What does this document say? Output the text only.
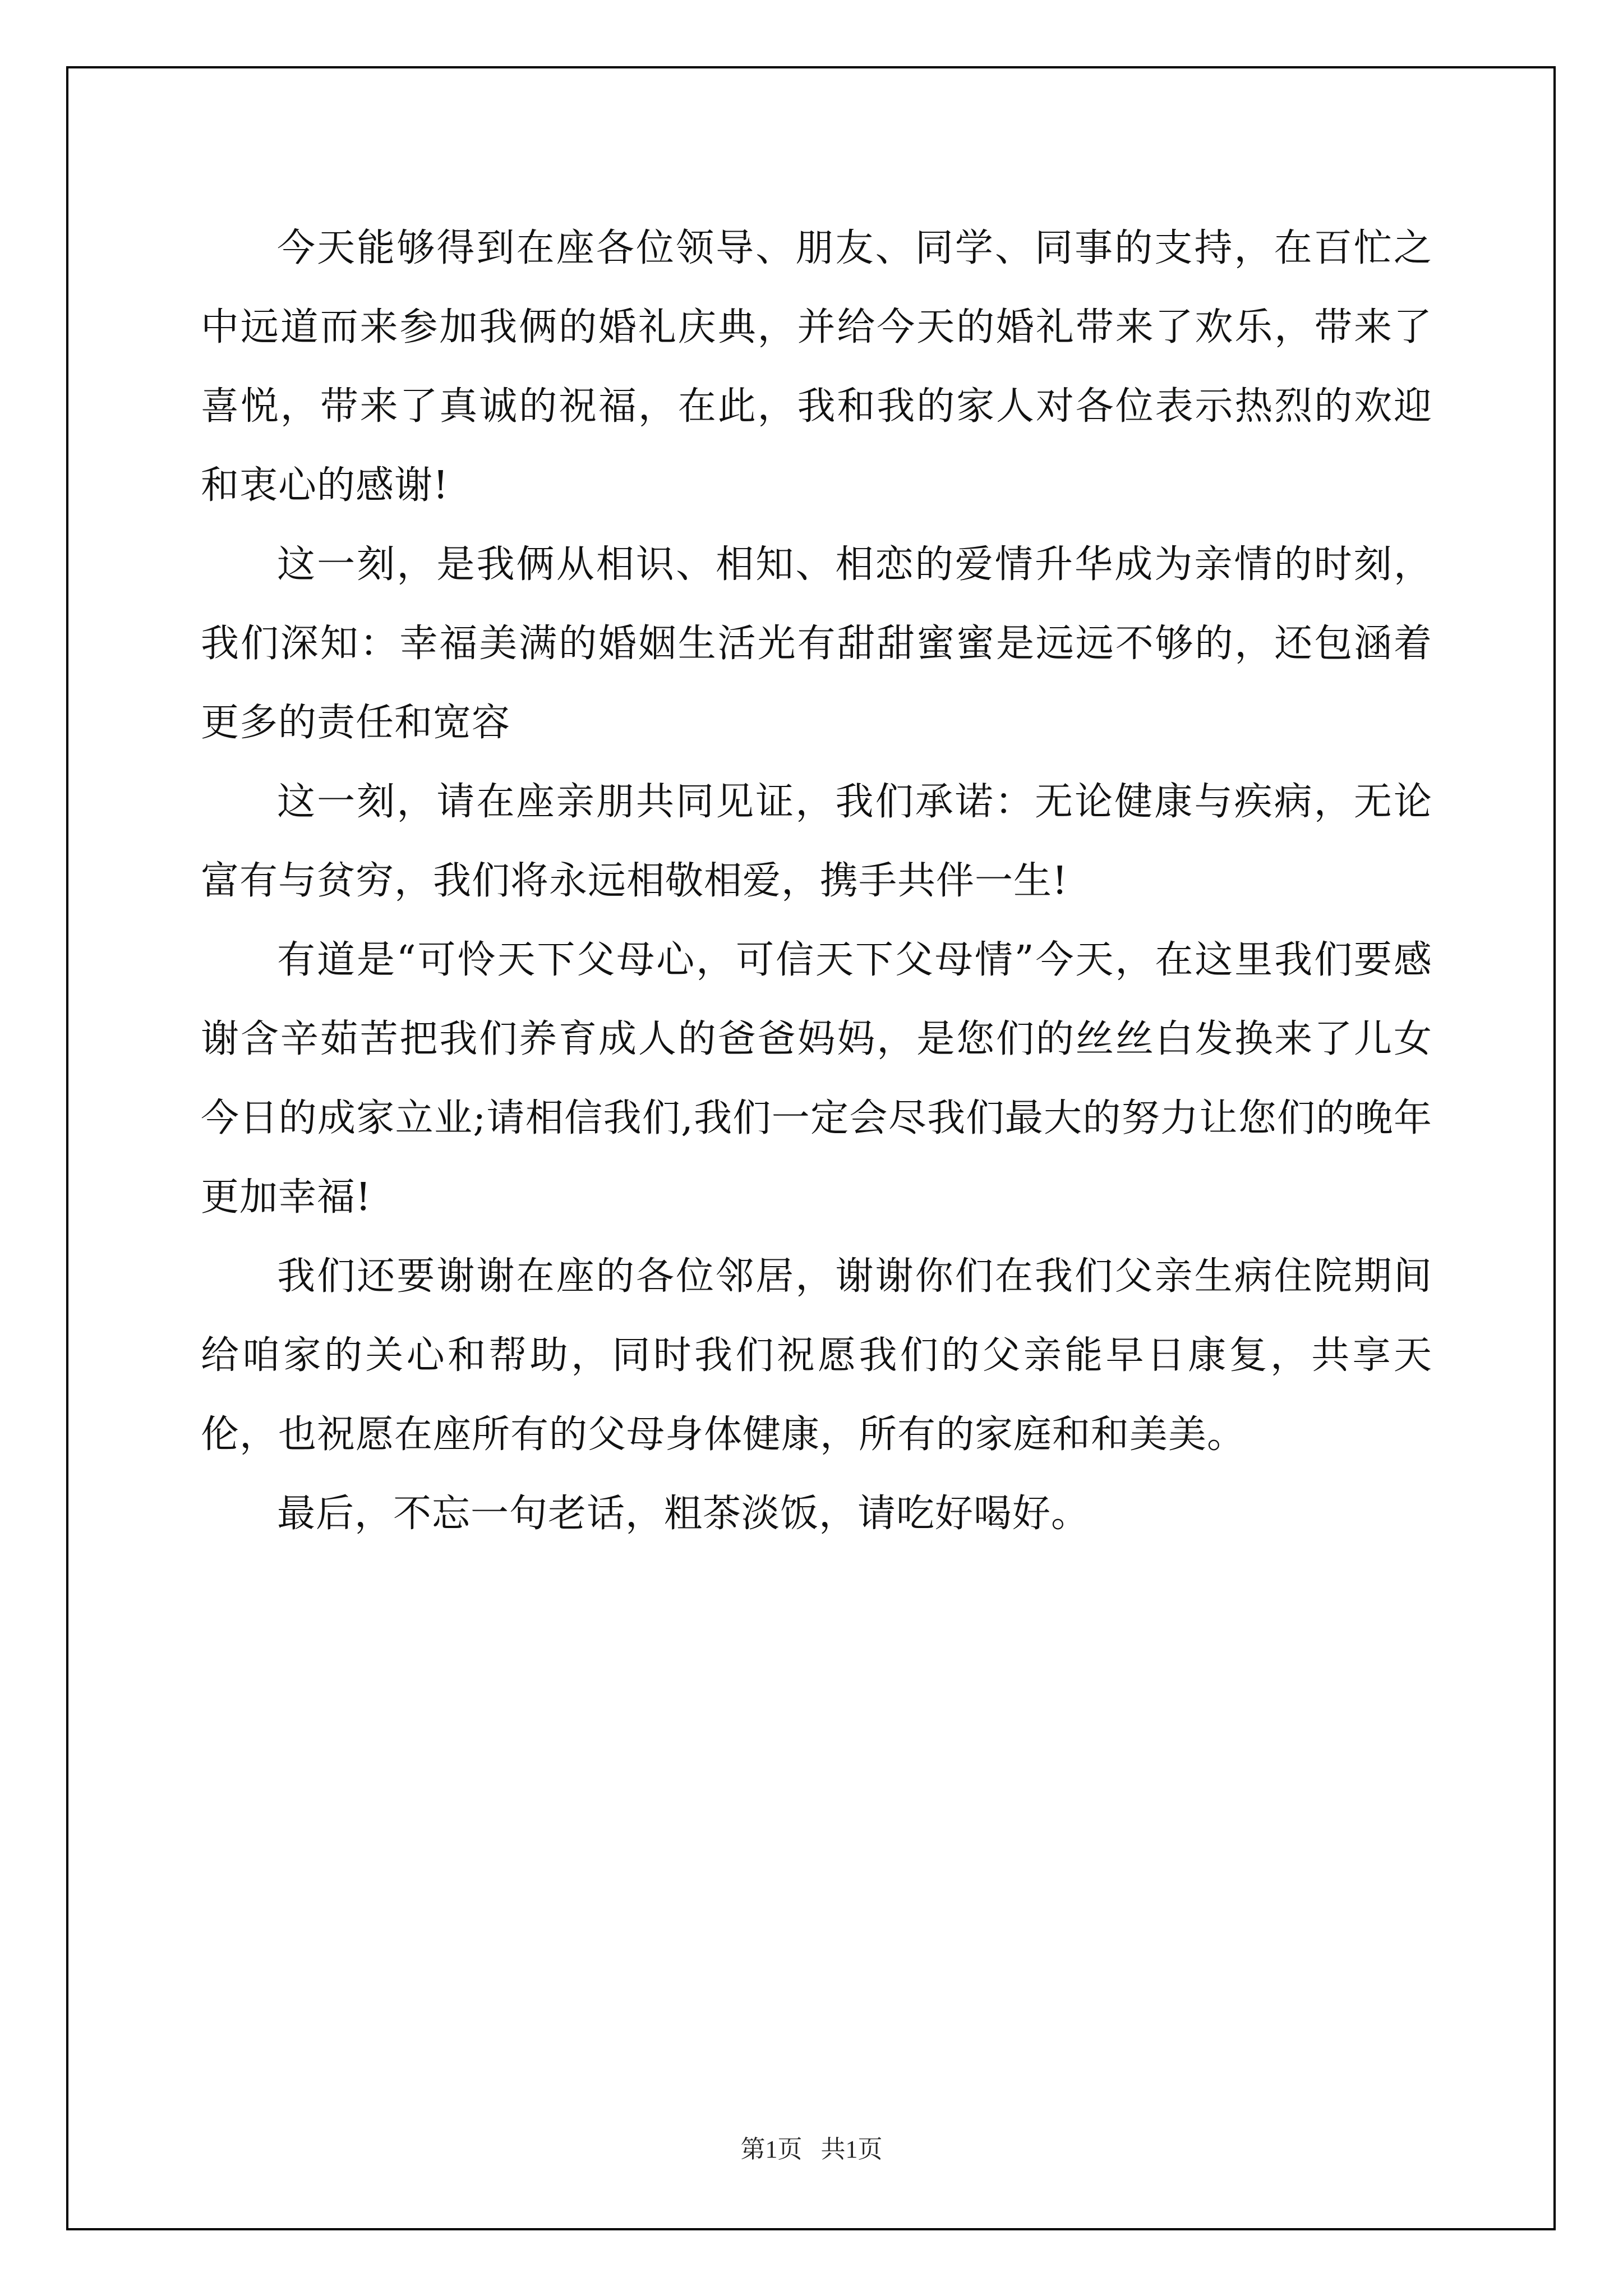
今天能够得到在座各位领导、朋友、同学、同事的支持，在百忙之中远道而来参加我俩的婚礼庆典，并给今天的婚礼带来了欢乐，带来了喜悦，带来了真诚的祝福，在此，我和我的家人对各位表示热烈的欢迎和衷心的感谢!

这一刻，是我俩从相识、相知、相恋的爱情升华成为亲情的时刻，我们深知：幸福美满的婚姻生活光有甜甜蜜蜜是远远不够的，还包涵着更多的责任和宽容

这一刻，请在座亲朋共同见证，我们承诺：无论健康与疾病，无论富有与贫穷，我们将永远相敬相爱，携手共伴一生!

有道是“可怜天下父母心，可信天下父母情”今天，在这里我们要感谢含辛茹苦把我们养育成人的爸爸妈妈，是您们的丝丝白发换来了儿女今日的成家立业;请相信我们,我们一定会尽我们最大的努力让您们的晚年更加幸福!

我们还要谢谢在座的各位邻居，谢谢你们在我们父亲生病住院期间给咱家的关心和帮助，同时我们祝愿我们的父亲能早日康复，共享天伦，也祝愿在座所有的父母身体健康，所有的家庭和和美美。

最后，不忘一句老话，粗茶淡饭，请吃好喝好。

第1页   共1页
